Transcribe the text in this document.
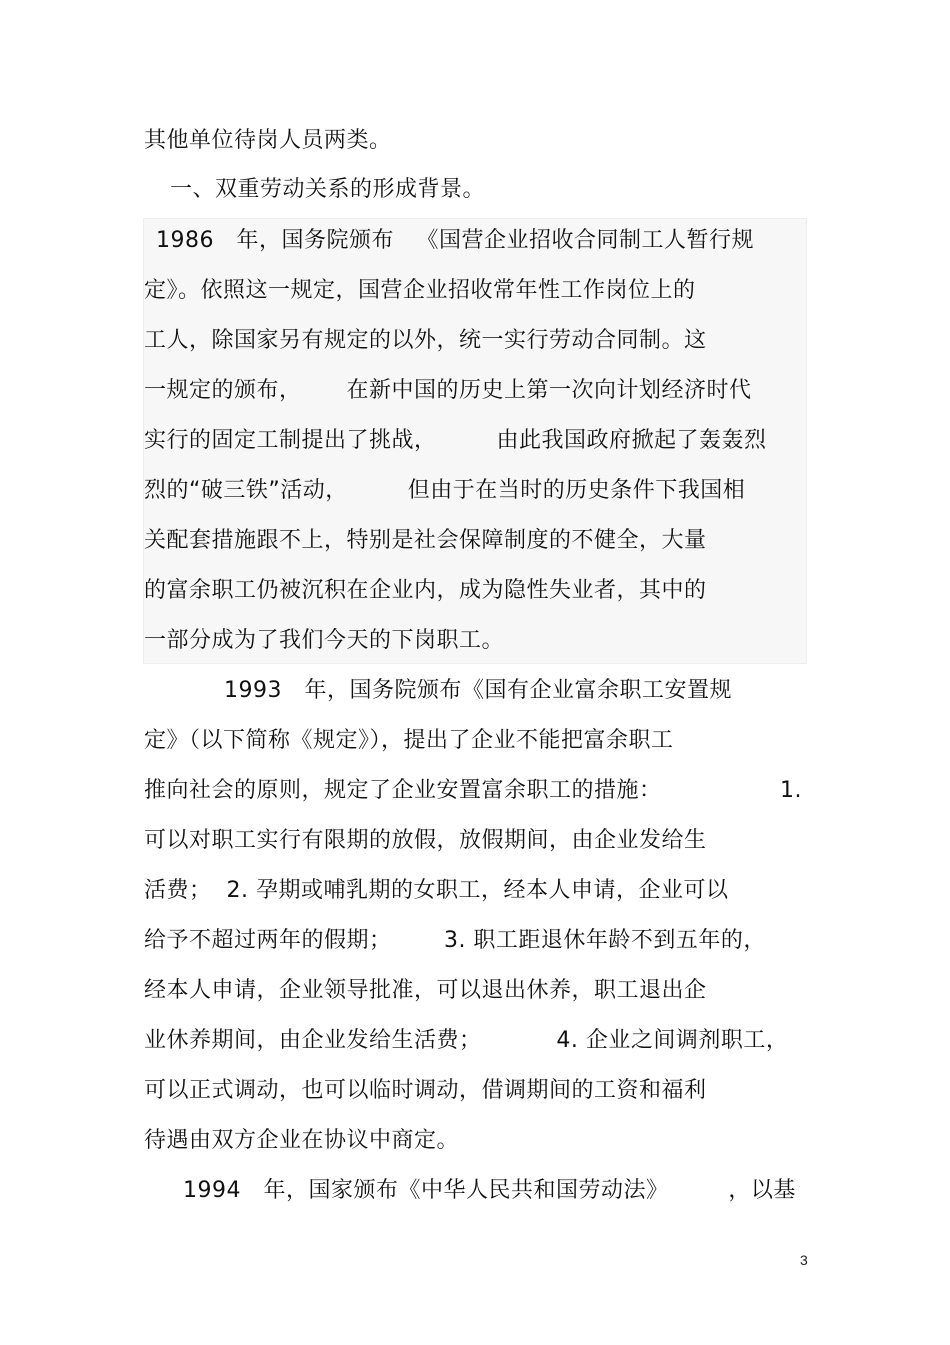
其他单位待岗人员两类。
一、双重劳动关系的形成背景。
1986   年，国务院颁布   《国营企业招收合同制工人暂行规
定》。依照这一规定，国营企业招收常年性工作岗位上的
工人，除国家另有规定的以外，统一实行劳动合同制。这
一规定的颁布，      在新中国的历史上第一次向计划经济时代
实行的固定工制提出了挑战，        由此我国政府掀起了轰轰烈
烈的“破三铁”活动，        但由于在当时的历史条件下我国相
关配套措施跟不上，特别是社会保障制度的不健全，大量
的富余职工仍被沉积在企业内，成为隐性失业者，其中的
一部分成为了我们今天的下岗职工。
1993   年，国务院颁布《国有企业富余职工安置规
定》（以下简称《规定》），提出了企业不能把富余职工
推向社会的原则，规定了企业安置富余职工的措施：	1.
可以对职工实行有限期的放假，放假期间，由企业发给生
活费；  2. 孕期或哺乳期的女职工，经本人申请，企业可以
给予不超过两年的假期；       3. 职工距退休年龄不到五年的，
经本人申请，企业领导批准，可以退出休养，职工退出企
业休养期间，由企业发给生活费；          4. 企业之间调剂职工，
可以正式调动，也可以临时调动，借调期间的工资和福利
待遇由双方企业在协议中商定。
1994   年，国家颁布《中华人民共和国劳动法》        ，以基
3
